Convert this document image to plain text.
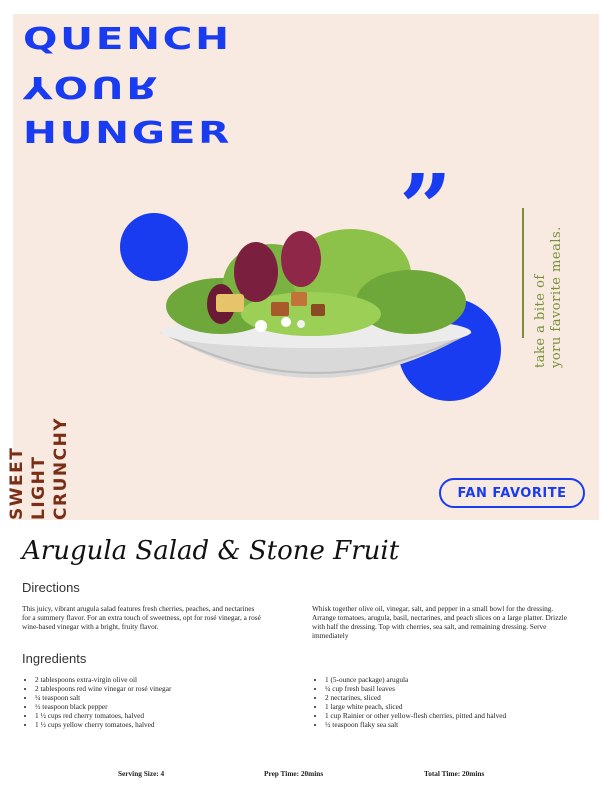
QUENCH
YOUR
HUNGER
”
take a bite of
yoru favorite meals.
SWEET LIGHT CRUNCHY	FAN FAVORITE
Arugula Salad & Stone Fruit
Directions
This juicy, vibrant arugula salad features fresh cherries, peaches, and nectarines for a summery flavor. For an extra touch of sweetness, opt for rosé vinegar, a rosé wine-based vinegar with a bright, fruity flavor.
Whisk together olive oil, vinegar, salt, and pepper in a small bowl for the dressing. Arrange tomatoes, arugula, basil, nectarines, and peach slices on a large platter. Drizzle with half the dressing. Top with cherries, sea salt, and remaining dressing. Serve immediately
Ingredients
• 2 tablespoons extra-virgin olive oil
• 2 tablespoons red wine vinegar or rosé vinegar
• ¼ teaspoon salt
• ½ teaspoon black pepper
• 1 ½ cups red cherry tomatoes, halved
• 1 ½ cups yellow cherry tomatoes, halved
• 1 (5-ounce package) arugula
• ¼ cup fresh basil leaves
• 2 nectarines, sliced
• 1 large white peach, sliced
• 1 cup Rainier or other yellow-flesh cherries, pitted and halved
• ½ teaspoon flaky sea salt
Serving Size: 4	Prep Time: 20mins	Total Time: 20mins
